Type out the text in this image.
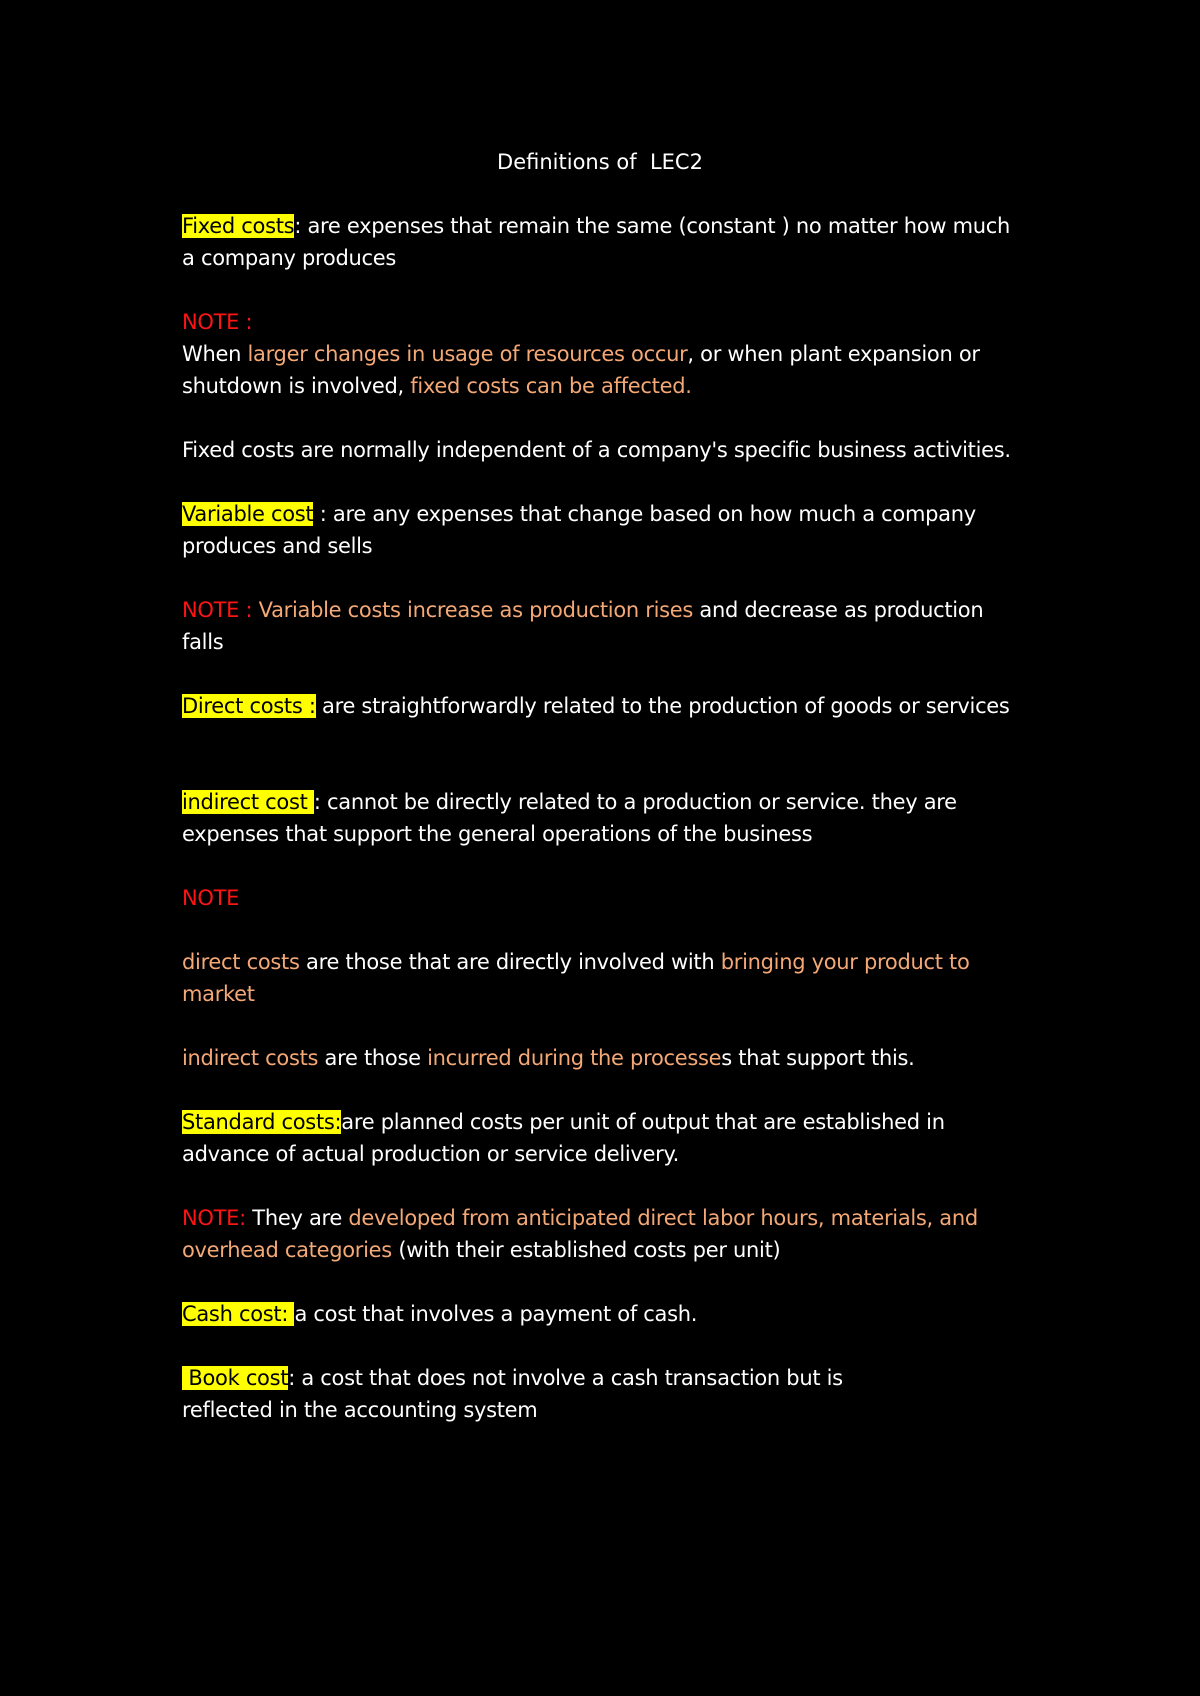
Definitions of  LEC2

Fixed costs: are expenses that remain the same (constant ) no matter how much a company produces

NOTE :
When larger changes in usage of resources occur, or when plant expansion or shutdown is involved, fixed costs can be affected.

Fixed costs are normally independent of a company's specific business activities.

Variable cost : are any expenses that change based on how much a company produces and sells

NOTE : Variable costs increase as production rises and decrease as production falls

Direct costs : are straightforwardly related to the production of goods or services

indirect cost : cannot be directly related to a production or service. they are expenses that support the general operations of the business

NOTE

direct costs are those that are directly involved with bringing your product to market

indirect costs are those incurred during the processes that support this.

Standard costs:are planned costs per unit of output that are established in advance of actual production or service delivery.

NOTE: They are developed from anticipated direct labor hours, materials, and overhead categories (with their established costs per unit)

Cash cost: a cost that involves a payment of cash.

Book cost: a cost that does not involve a cash transaction but is
reflected in the accounting system
